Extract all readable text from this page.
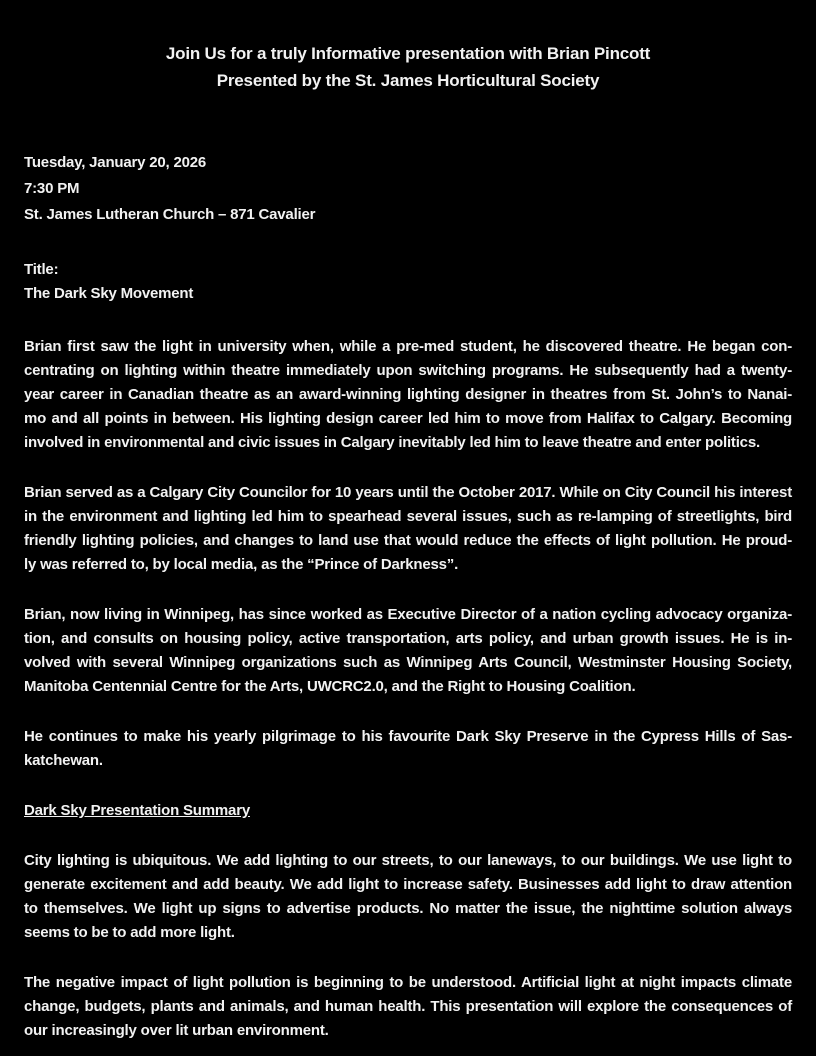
Join Us for a truly Informative presentation with Brian Pincott
Presented by the St. James Horticultural Society
Tuesday, January 20, 2026
7:30 PM
St. James Lutheran Church – 871 Cavalier
Title:
The Dark Sky Movement
Brian first saw the light in university when, while a pre-med student, he discovered theatre. He began con-
centrating on lighting within theatre immediately upon switching programs. He subsequently had a twenty-
year career in Canadian theatre as an award-winning lighting designer in theatres from St. John’s to Nanai-
mo and all points in between. His lighting design career led him to move from Halifax to Calgary. Becoming
involved in environmental and civic issues in Calgary inevitably led him to leave theatre and enter politics.
Brian served as a Calgary City Councilor for 10 years until the October 2017. While on City Council his interest
in the environment and lighting led him to spearhead several issues, such as re-lamping of streetlights, bird
friendly lighting policies, and changes to land use that would reduce the effects of light pollution. He proud-
ly was referred to, by local media, as the “Prince of Darkness”.
Brian, now living in Winnipeg, has since worked as Executive Director of a nation cycling advocacy organiza-
tion, and consults on housing policy, active transportation, arts policy, and urban growth issues. He is in-
volved with several Winnipeg organizations such as Winnipeg Arts Council, Westminster Housing Society,
Manitoba Centennial Centre for the Arts, UWCRC2.0, and the Right to Housing Coalition.
He continues to make his yearly pilgrimage to his favourite Dark Sky Preserve in the Cypress Hills of Sas-
katchewan.
Dark Sky Presentation Summary
City lighting is ubiquitous. We add lighting to our streets, to our laneways, to our buildings. We use light to
generate excitement and add beauty. We add light to increase safety. Businesses add light to draw attention
to themselves. We light up signs to advertise products. No matter the issue, the nighttime solution always
seems to be to add more light.
The negative impact of light pollution is beginning to be understood. Artificial light at night impacts climate
change, budgets, plants and animals, and human health. This presentation will explore the consequences of
our increasingly over lit urban environment.
